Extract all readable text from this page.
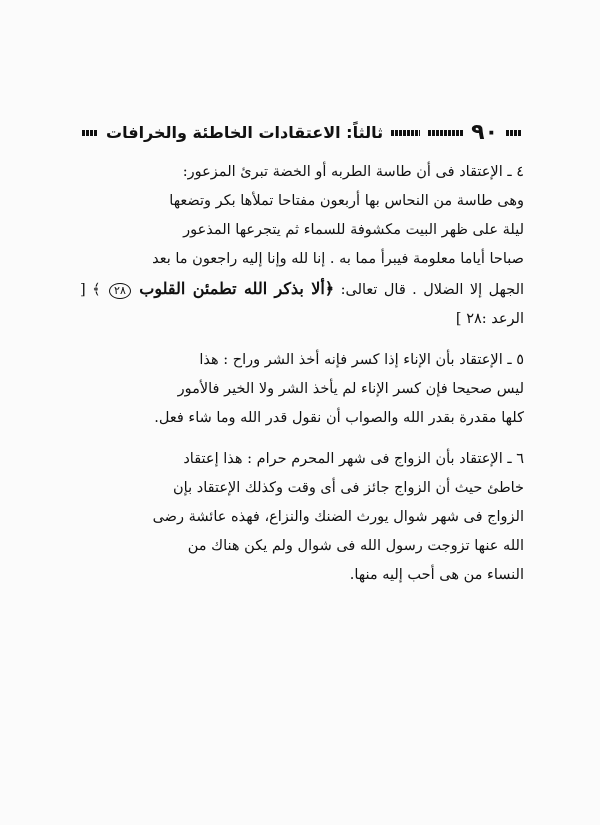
٩٠
ثالثاً: الاعتقادات الخاطئة والخرافات

٤ ـ الإعتقاد فى أن طاسة الطربه أو الخضة تبرئ المزعور:

وهى طاسة من النحاس بها أربعون مفتاحا تملأها بكر وتضعها

ليلة على ظهر البيت مكشوفة للسماء ثم يتجرعها المذعور

صباحا أياما معلومة فيبرأ مما به . إنا لله وإنا إليه راجعون ما بعد

الجهل إلا الضلال . قال تعالى: ﴿ألا بذكر الله تطمئن القلوب ٢٨ ﴾ [ الرعد :٢٨ ]

٥ ـ الإعتقاد بأن الإناء إذا كسر فإنه أخذ الشر وراح : هذا

ليس صحيحا فإن كسر الإناء لم يأخذ الشر ولا الخير فالأمور

كلها مقدرة بقدر الله والصواب أن نقول قدر الله وما شاء فعل.

٦ ـ الإعتقاد بأن الزواج فى شهر المحرم حرام : هذا إعتقاد

خاطئ حيث أن الزواج جائز فى أى وقت وكذلك الإعتقاد بإن

الزواج فى شهر شوال يورث الضنك والنزاع، فهذه عائشة رضى

الله عنها تزوجت رسول الله فى شوال ولم يكن هناك من

النساء من هى أحب إليه منها.
